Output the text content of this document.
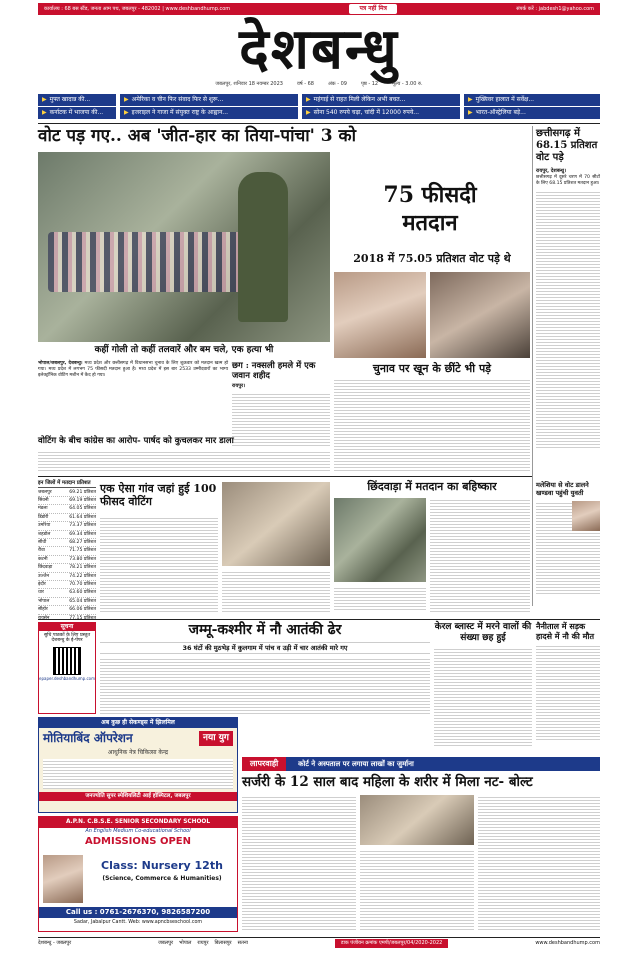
कार्यालय : 68 बस स्टैंड, जनता आम पथ, जबलपुर - 482002 | www.deshbandhump.com	पत्र नहीं मित्र	संपर्क करें : jabdesh1@yahoo.com
देशबन्धु
जबलपुर, शनिवार 18 नवम्बर 2023	वर्ष - 68	अंक - 09	पृष्ठ - 12	मूल्य - 3.00 रु.
▶ मुफ्त खादान्न की...
▶ कर्नाटक में भाजपा की...
▶ अमेरिका व चीन फिर संवाद फिर से शुरू...
▶ इजराइल ने गाजा में संयुक्त राष्ट्र के आह्वान...
▶ महंगाई से राहत मिली लेकिन अभी बचत...
▶ सोना 540 रुपये चढ़ा, चांदी में 12000 रुपये...
▶ मुख्यिवर हालात में सर्वेक्ष...
▶ भारत-ऑस्ट्रेलिया बड़े...
वोट पड़ गए.. अब 'जीत-हार का तिया-पांचा' 3 को
75 फीसदी
मतदान
2018 में 75.05 प्रतिशत वोट पड़े थे
कहीं गोली तो कहीं तलवारें और बम चले, एक हत्या भी
भोपाल/जबलपुर, देशबन्धु। मध्य प्रदेश और छत्तीसगढ़ में विधानसभा चुनाव के लिए शुक्रवार को मतदान खत्म हो गया। मध्य प्रदेश में लगभग 75 फीसदी मतदान हुआ है। मध्य प्रदेश में इस बार 2533 उम्मीदवारों का भाग्य इलेक्ट्रॉनिक वोटिंग मशीन में कैद हो गया।
छग : नक्सली हमले में एक जवान शहीद
रायपुर।
छत्तीसगढ़ में 68.15 प्रतिशत वोट पड़े
रायपुर, देशबन्धु।
छत्तीसगढ़ में दूसरे चरण में 70 सीटों के लिए 68.15 प्रतिशत मतदान हुआ।
चुनाव पर खून के छींटे भी पड़े
वोटिंग के बीच कांग्रेस का आरोप- पार्षद को कुचलकर मार डाला
इन जिलों में मतदान प्रतिशत
जबलपुर	69.21 प्रतिशत
सिवनी	69.19 प्रतिशत
मंडला	64.05 प्रतिशत
डिंडोरी	61.64 प्रतिशत
उमरिया	73.37 प्रतिशत
शहडोल	69.34 प्रतिशत
सीधी	68.27 प्रतिशत
रीवा	71.75 प्रतिशत
कटनी	73.80 प्रतिशत
छिंदवाड़ा	78.21 प्रतिशत
उज्जैन	74.22 प्रतिशत
इंदौर	70.70 प्रतिशत
धार	63.60 प्रतिशत
भोपाल	65.04 प्रतिशत
सीहोर	66.06 प्रतिशत
एक ऐसा गांव जहां हुई 100 फीसद वोटिंग
छिंदवाड़ा में मतदान का बहिष्कार	मलेशिया से वोट डालने खण्डवा पहुंची युवती
सूचना
सुधि पाठकों के लिए प्रस्तुत देशबन्धु के ई-पेपर
epaper.deshbandhump.com
जम्मू-कश्मीर में नौ आतंकी ढेर
36 घंटों की मुठभेड़ में कुलगाम में पांच व उड़ी में चार आतंकी मारे गए
केरल ब्लास्ट में मरने वालों की संख्या छह हुई
नैनीताल में सड़क हादसे में नौ की मौत
अब कुछ ही सेकण्ड्स में झिलमिल
मोतियाबिंद ऑपरेशन	नया युग
आधुनिक नेत्र चिकित्सा केन्द्र
जनज्योति सुपर स्पेशियलिटी आई हॉस्पिटल, जबलपुर
A.P.N. C.B.S.E. SENIOR SECONDARY SCHOOL
An English Medium Co-educational School
ADMISSIONS OPEN
Class: Nursery 12th
(Science, Commerce & Humanities)
Call us : 0761-2676370, 9826587200
Sadar, Jabalpur Cantt. Web: www.apncbseschool.com
लापरवाही	कोर्ट ने अस्पताल पर लगाया लाखों का जुर्माना
सर्जरी के 12 साल बाद महिला के शरीर में मिला नट- बोल्ट
देशबन्धु - जबलपुर	जबलपुर भोपाल रायपुर बिलासपुर सतना	डाक पंजीयन क्रमांक एमपी/जबलपुर/04/2020-2022	www.deshbandhump.com
